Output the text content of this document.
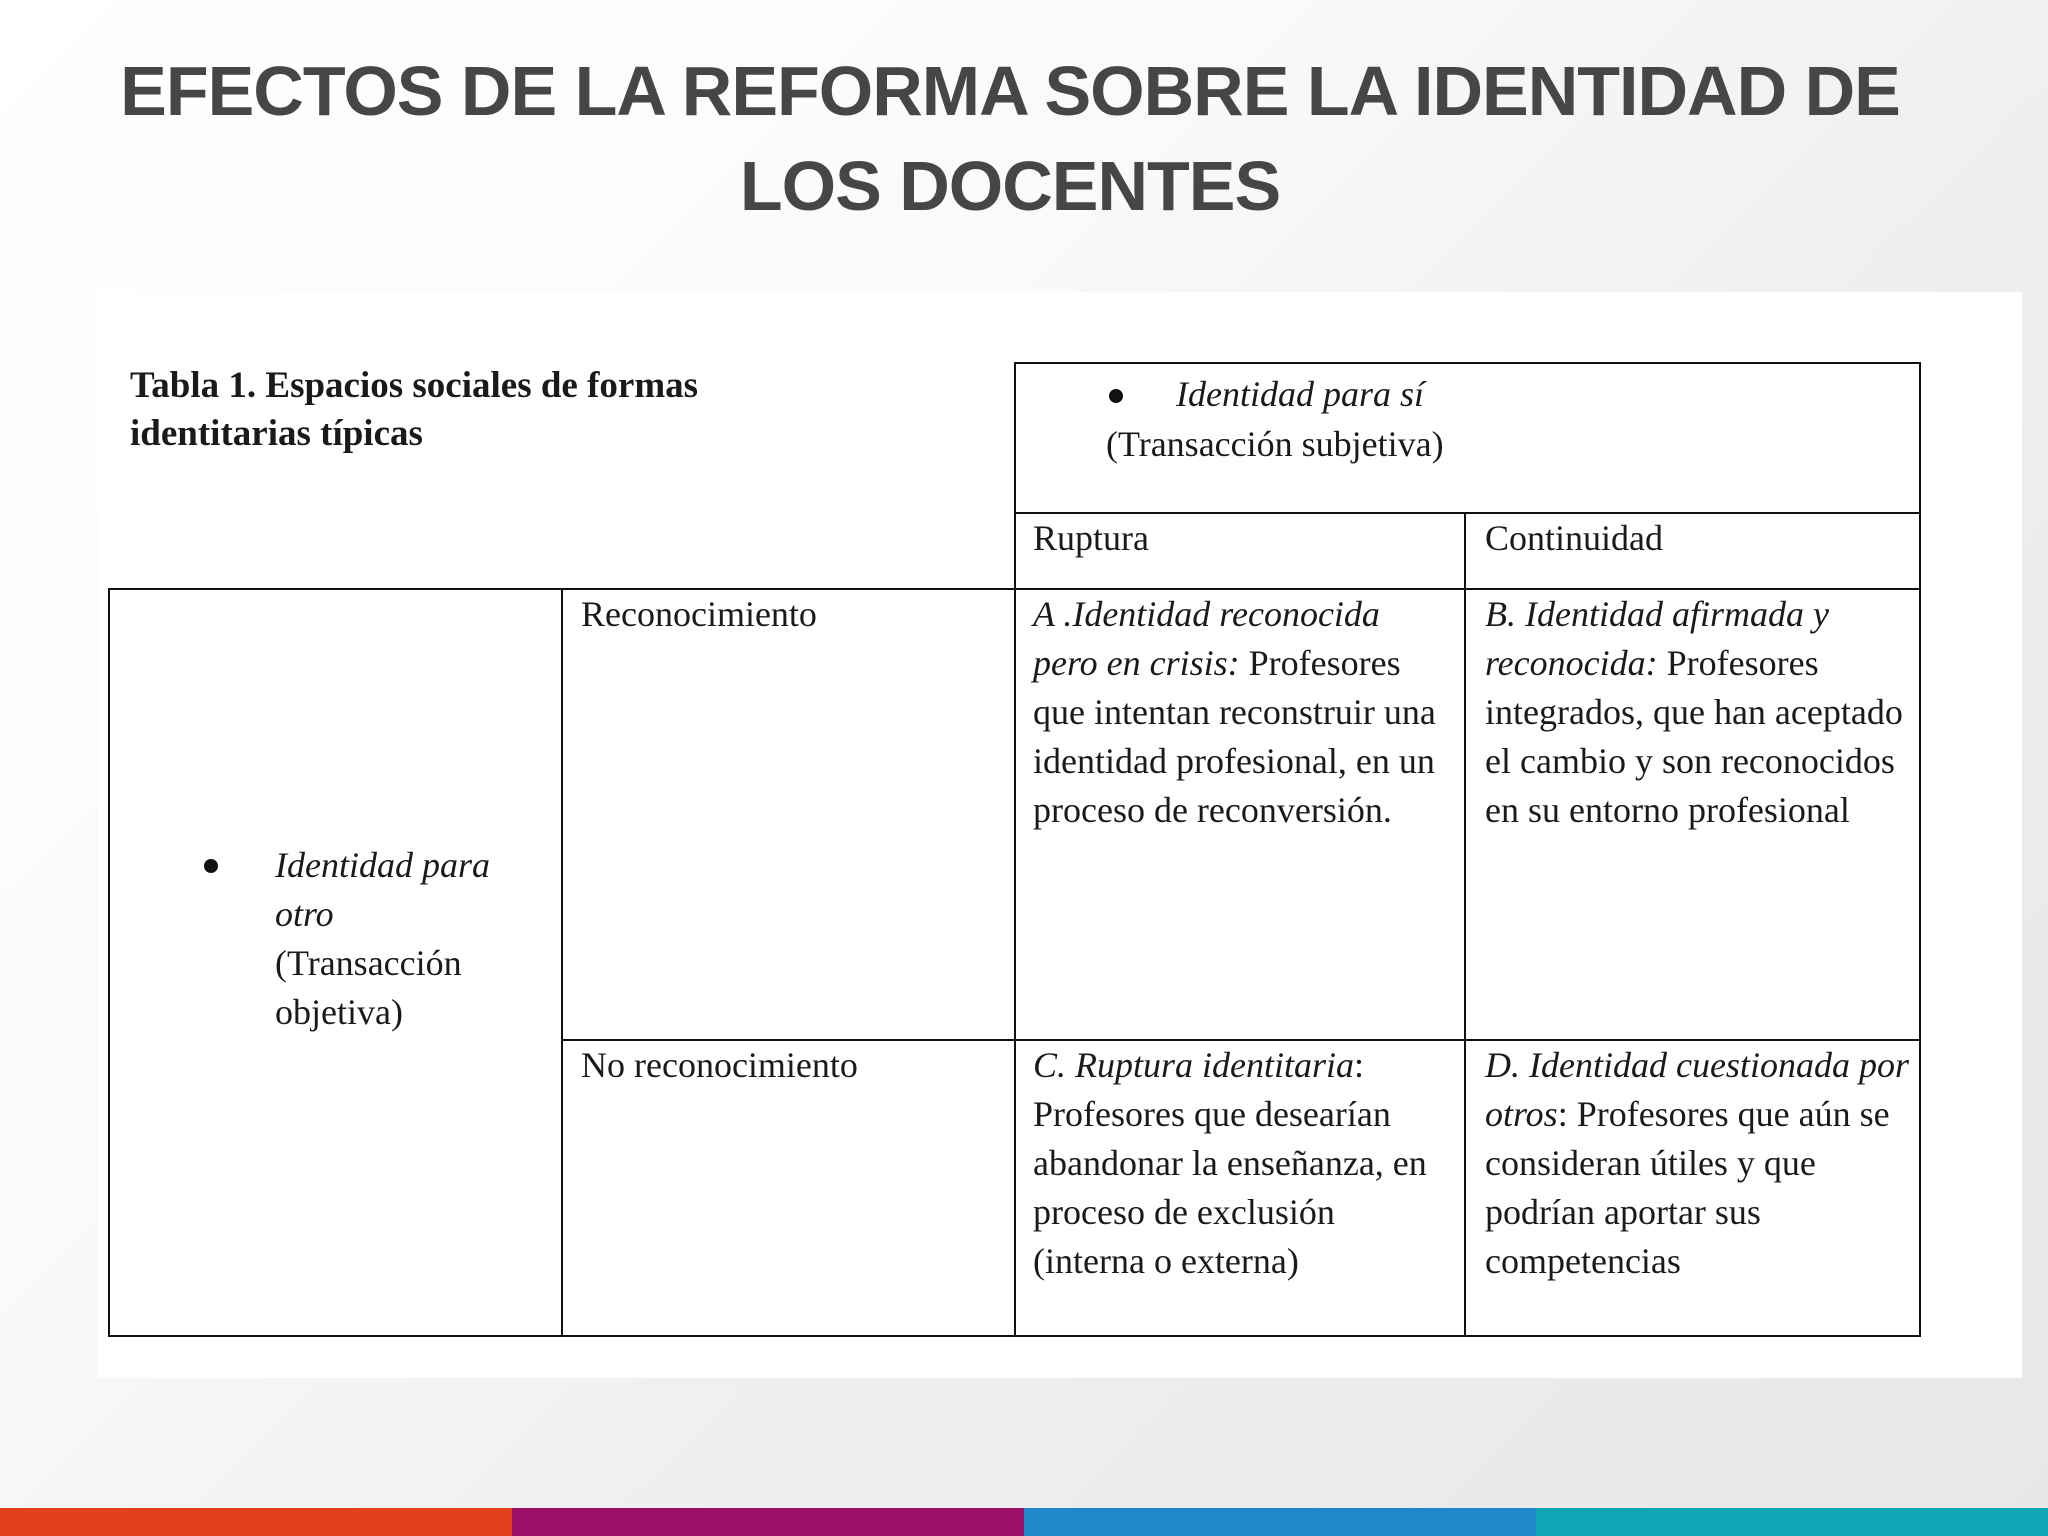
EFECTOS DE LA REFORMA SOBRE LA IDENTIDAD DE
LOS DOCENTES
Tabla 1. Espacios sociales de formas
identitarias típicas
Identidad para sí
(Transacción subjetiva)
Ruptura	Continuidad
Identidad para
otro
(Transacción
objetiva)
Reconocimiento
No reconocimiento
A .Identidad reconocida pero en crisis: Profesores que intentan reconstruir una identidad profesional, en un proceso de reconversión.
B. Identidad afirmada y reconocida: Profesores integrados, que han aceptado el cambio y son reconocidos en su entorno profesional
C. Ruptura identitaria: Profesores que desearían abandonar la enseñanza, en proceso de exclusión (interna o externa)
D. Identidad cuestionada por otros: Profesores que aún se consideran útiles y que podrían aportar sus competencias
